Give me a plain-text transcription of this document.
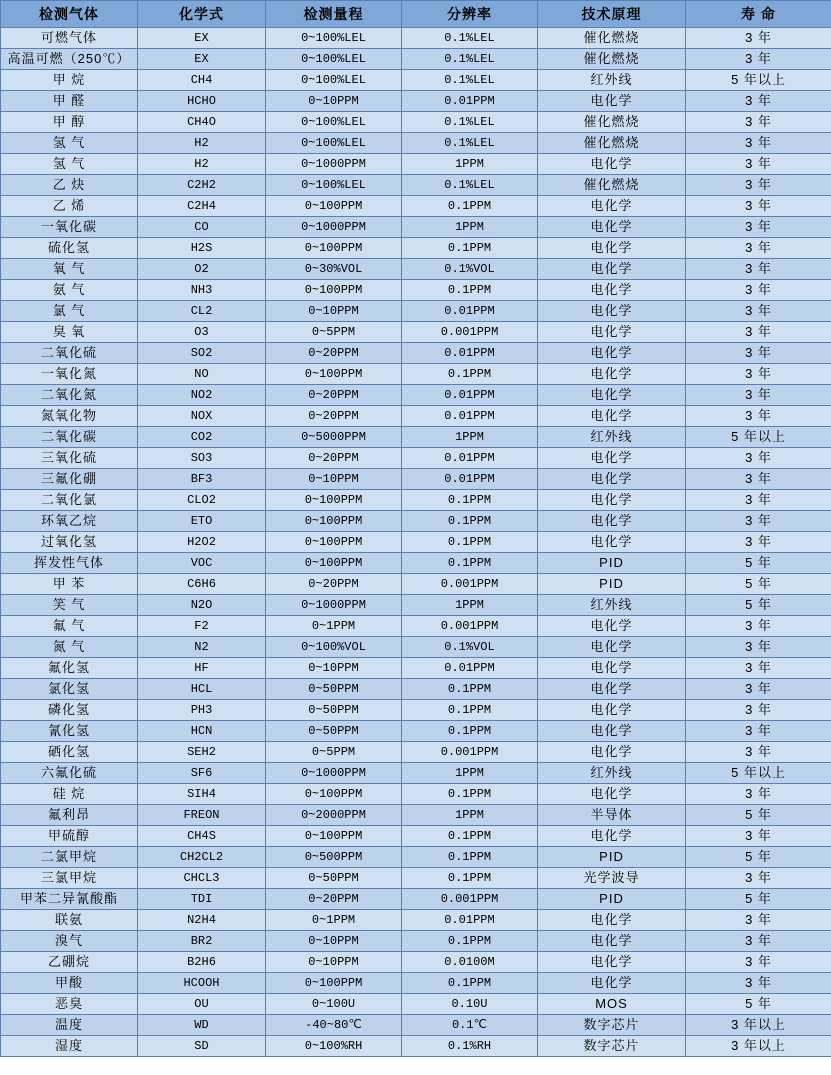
检测气体	化学式	检测量程	分辨率	技术原理	寿 命
可燃气体	EX	0~100%LEL	0.1%LEL	催化燃烧	3 年
高温可燃（250℃）	EX	0~100%LEL	0.1%LEL	催化燃烧	3 年
甲 烷	CH4	0~100%LEL	0.1%LEL	红外线	5 年以上
甲 醛	HCHO	0~10PPM	0.01PPM	电化学	3 年
甲 醇	CH4O	0~100%LEL	0.1%LEL	催化燃烧	3 年
氢 气	H2	0~100%LEL	0.1%LEL	催化燃烧	3 年
氢 气	H2	0~1000PPM	1PPM	电化学	3 年
乙 炔	C2H2	0~100%LEL	0.1%LEL	催化燃烧	3 年
乙 烯	C2H4	0~100PPM	0.1PPM	电化学	3 年
一氧化碳	CO	0~1000PPM	1PPM	电化学	3 年
硫化氢	H2S	0~100PPM	0.1PPM	电化学	3 年
氧 气	O2	0~30%VOL	0.1%VOL	电化学	3 年
氨 气	NH3	0~100PPM	0.1PPM	电化学	3 年
氯 气	CL2	0~10PPM	0.01PPM	电化学	3 年
臭 氧	O3	0~5PPM	0.001PPM	电化学	3 年
二氧化硫	SO2	0~20PPM	0.01PPM	电化学	3 年
一氧化氮	NO	0~100PPM	0.1PPM	电化学	3 年
二氧化氮	NO2	0~20PPM	0.01PPM	电化学	3 年
氮氧化物	NOX	0~20PPM	0.01PPM	电化学	3 年
二氧化碳	CO2	0~5000PPM	1PPM	红外线	5 年以上
三氧化硫	SO3	0~20PPM	0.01PPM	电化学	3 年
三氟化硼	BF3	0~10PPM	0.01PPM	电化学	3 年
二氧化氯	CLO2	0~100PPM	0.1PPM	电化学	3 年
环氧乙烷	ETO	0~100PPM	0.1PPM	电化学	3 年
过氧化氢	H2O2	0~100PPM	0.1PPM	电化学	3 年
挥发性气体	VOC	0~100PPM	0.1PPM	PID	5 年
甲 苯	C6H6	0~20PPM	0.001PPM	PID	5 年
笑 气	N2O	0~1000PPM	1PPM	红外线	5 年
氟 气	F2	0~1PPM	0.001PPM	电化学	3 年
氮 气	N2	0~100%VOL	0.1%VOL	电化学	3 年
氟化氢	HF	0~10PPM	0.01PPM	电化学	3 年
氯化氢	HCL	0~50PPM	0.1PPM	电化学	3 年
磷化氢	PH3	0~50PPM	0.1PPM	电化学	3 年
氰化氢	HCN	0~50PPM	0.1PPM	电化学	3 年
硒化氢	SEH2	0~5PPM	0.001PPM	电化学	3 年
六氟化硫	SF6	0~1000PPM	1PPM	红外线	5 年以上
硅 烷	SIH4	0~100PPM	0.1PPM	电化学	3 年
氟利昂	FREON	0~2000PPM	1PPM	半导体	5 年
甲硫醇	CH4S	0~100PPM	0.1PPM	电化学	3 年
二氯甲烷	CH2CL2	0~500PPM	0.1PPM	PID	5 年
三氯甲烷	CHCL3	0~50PPM	0.1PPM	光学波导	3 年
甲苯二异氰酸酯	TDI	0~20PPM	0.001PPM	PID	5 年
联氨	N2H4	0~1PPM	0.01PPM	电化学	3 年
溴气	BR2	0~10PPM	0.1PPM	电化学	3 年
乙硼烷	B2H6	0~10PPM	0.0100M	电化学	3 年
甲酸	HCOOH	0~100PPM	0.1PPM	电化学	3 年
恶臭	OU	0~100U	0.10U	MOS	5 年
温度	WD	-40~80℃	0.1℃	数字芯片	3 年以上
湿度	SD	0~100%RH	0.1%RH	数字芯片	3 年以上
